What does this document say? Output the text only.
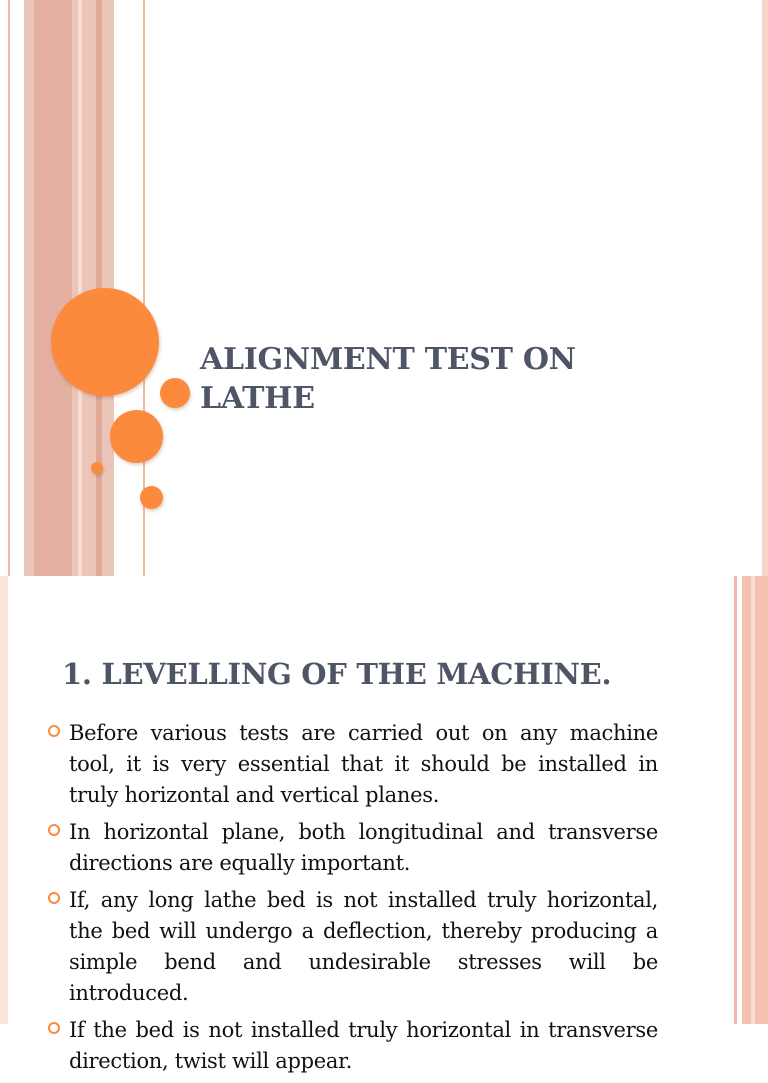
ALIGNMENT TEST ON LATHE
1. LEVELLING OF THE MACHINE.
Before various tests are carried out on any machine tool, it is very essential that it should be installed in truly horizontal and vertical planes.
In horizontal plane, both longitudinal and transverse directions are equally important.
If, any long lathe bed is not installed truly horizontal, the bed will undergo a deflection, thereby producing a simple bend and undesirable stresses will be introduced.
If the bed is not installed truly horizontal in transverse direction, twist will appear.
